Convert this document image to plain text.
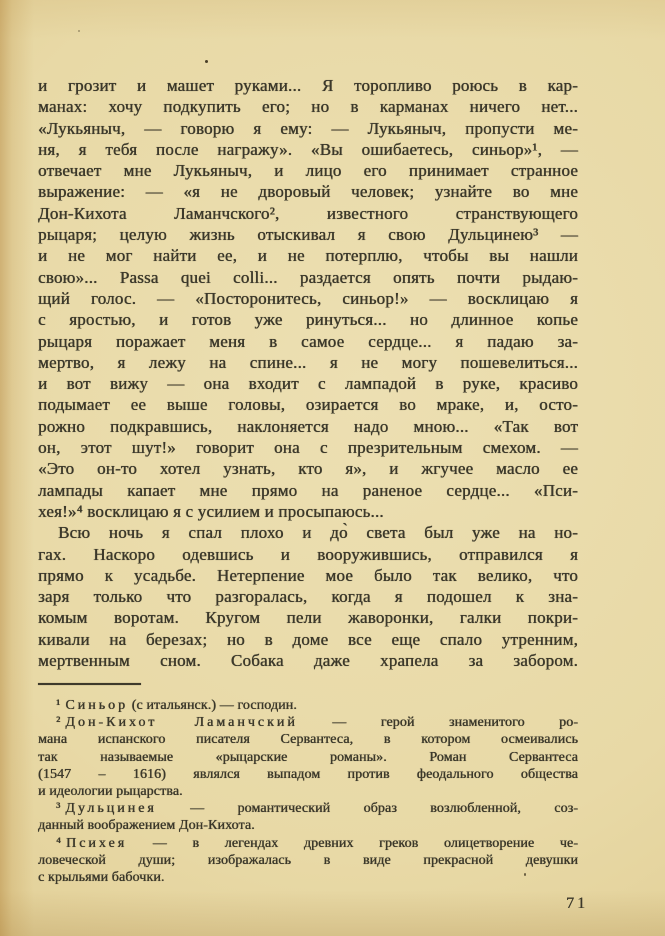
и грозит и машет руками... Я торопливо роюсь в кар-
манах: хочу подкупить его; но в карманах ничего нет...
«Лукьяныч, — говорю я ему: — Лукьяныч, пропусти ме-
ня, я тебя после награжу». «Вы ошибаетесь, синьор»¹, —
отвечает мне Лукьяныч, и лицо его принимает странное
выражение: — «я не дворовый человек; узнайте во мне
Дон-Кихота Ламанчского², известного странствующего
рыцаря; целую жизнь отыскивал я свою Дульцинею³ —
и не мог найти ее, и не потерплю, чтобы вы нашли
свою»... Passa quei colli... раздается опять почти рыдаю-
щий голос. — «Посторонитесь, синьор!» — восклицаю я
с яростью, и готов уже ринуться... но длинное копье
рыцаря поражает меня в самое сердце... я падаю за-
мертво, я лежу на спине... я не могу пошевелиться...
и вот вижу — она входит с лампадой в руке, красиво
подымает ее выше головы, озирается во мраке, и, осто-
рожно подкравшись, наклоняется надо мною... «Так вот
он, этот шут!» говорит она с презрительным смехом. —
«Это он-то хотел узнать, кто я», и жгучее масло ее
лампады капает мне прямо на раненое сердце... «Пси-
хея!»⁴ восклицаю я с усилием и просыпаюсь...
Всю ночь я спал плохо и до̀ света был уже на но-
гах. Наскоро одевшись и вооружившись, отправился я
прямо к усадьбе. Нетерпение мое было так велико, что
заря только что разгоралась, когда я подошел к зна-
комым воротам. Кругом пели жаворонки, галки покри-
кивали на березах; но в доме все еще спало утренним,
мертвенным сном. Собака даже храпела за забором.
¹ Синьор (с итальянск.) — господин.
² Дон-Кихот Ламанчский — герой знаменитого ро-
мана испанского писателя Сервантеса, в котором осмеивались
так называемые «рыцарские романы». Роман Сервантеса
(1547 – 1616) являлся выпадом против феодального общества
и идеологии рыцарства.
³ Дульцинея — романтический образ возлюбленной, соз-
данный воображением Дон-Кихота.
⁴ Психея — в легендах древних греков олицетворение че-
ловеческой души; изображалась в виде прекрасной девушки
с крыльями бабочки.
71
